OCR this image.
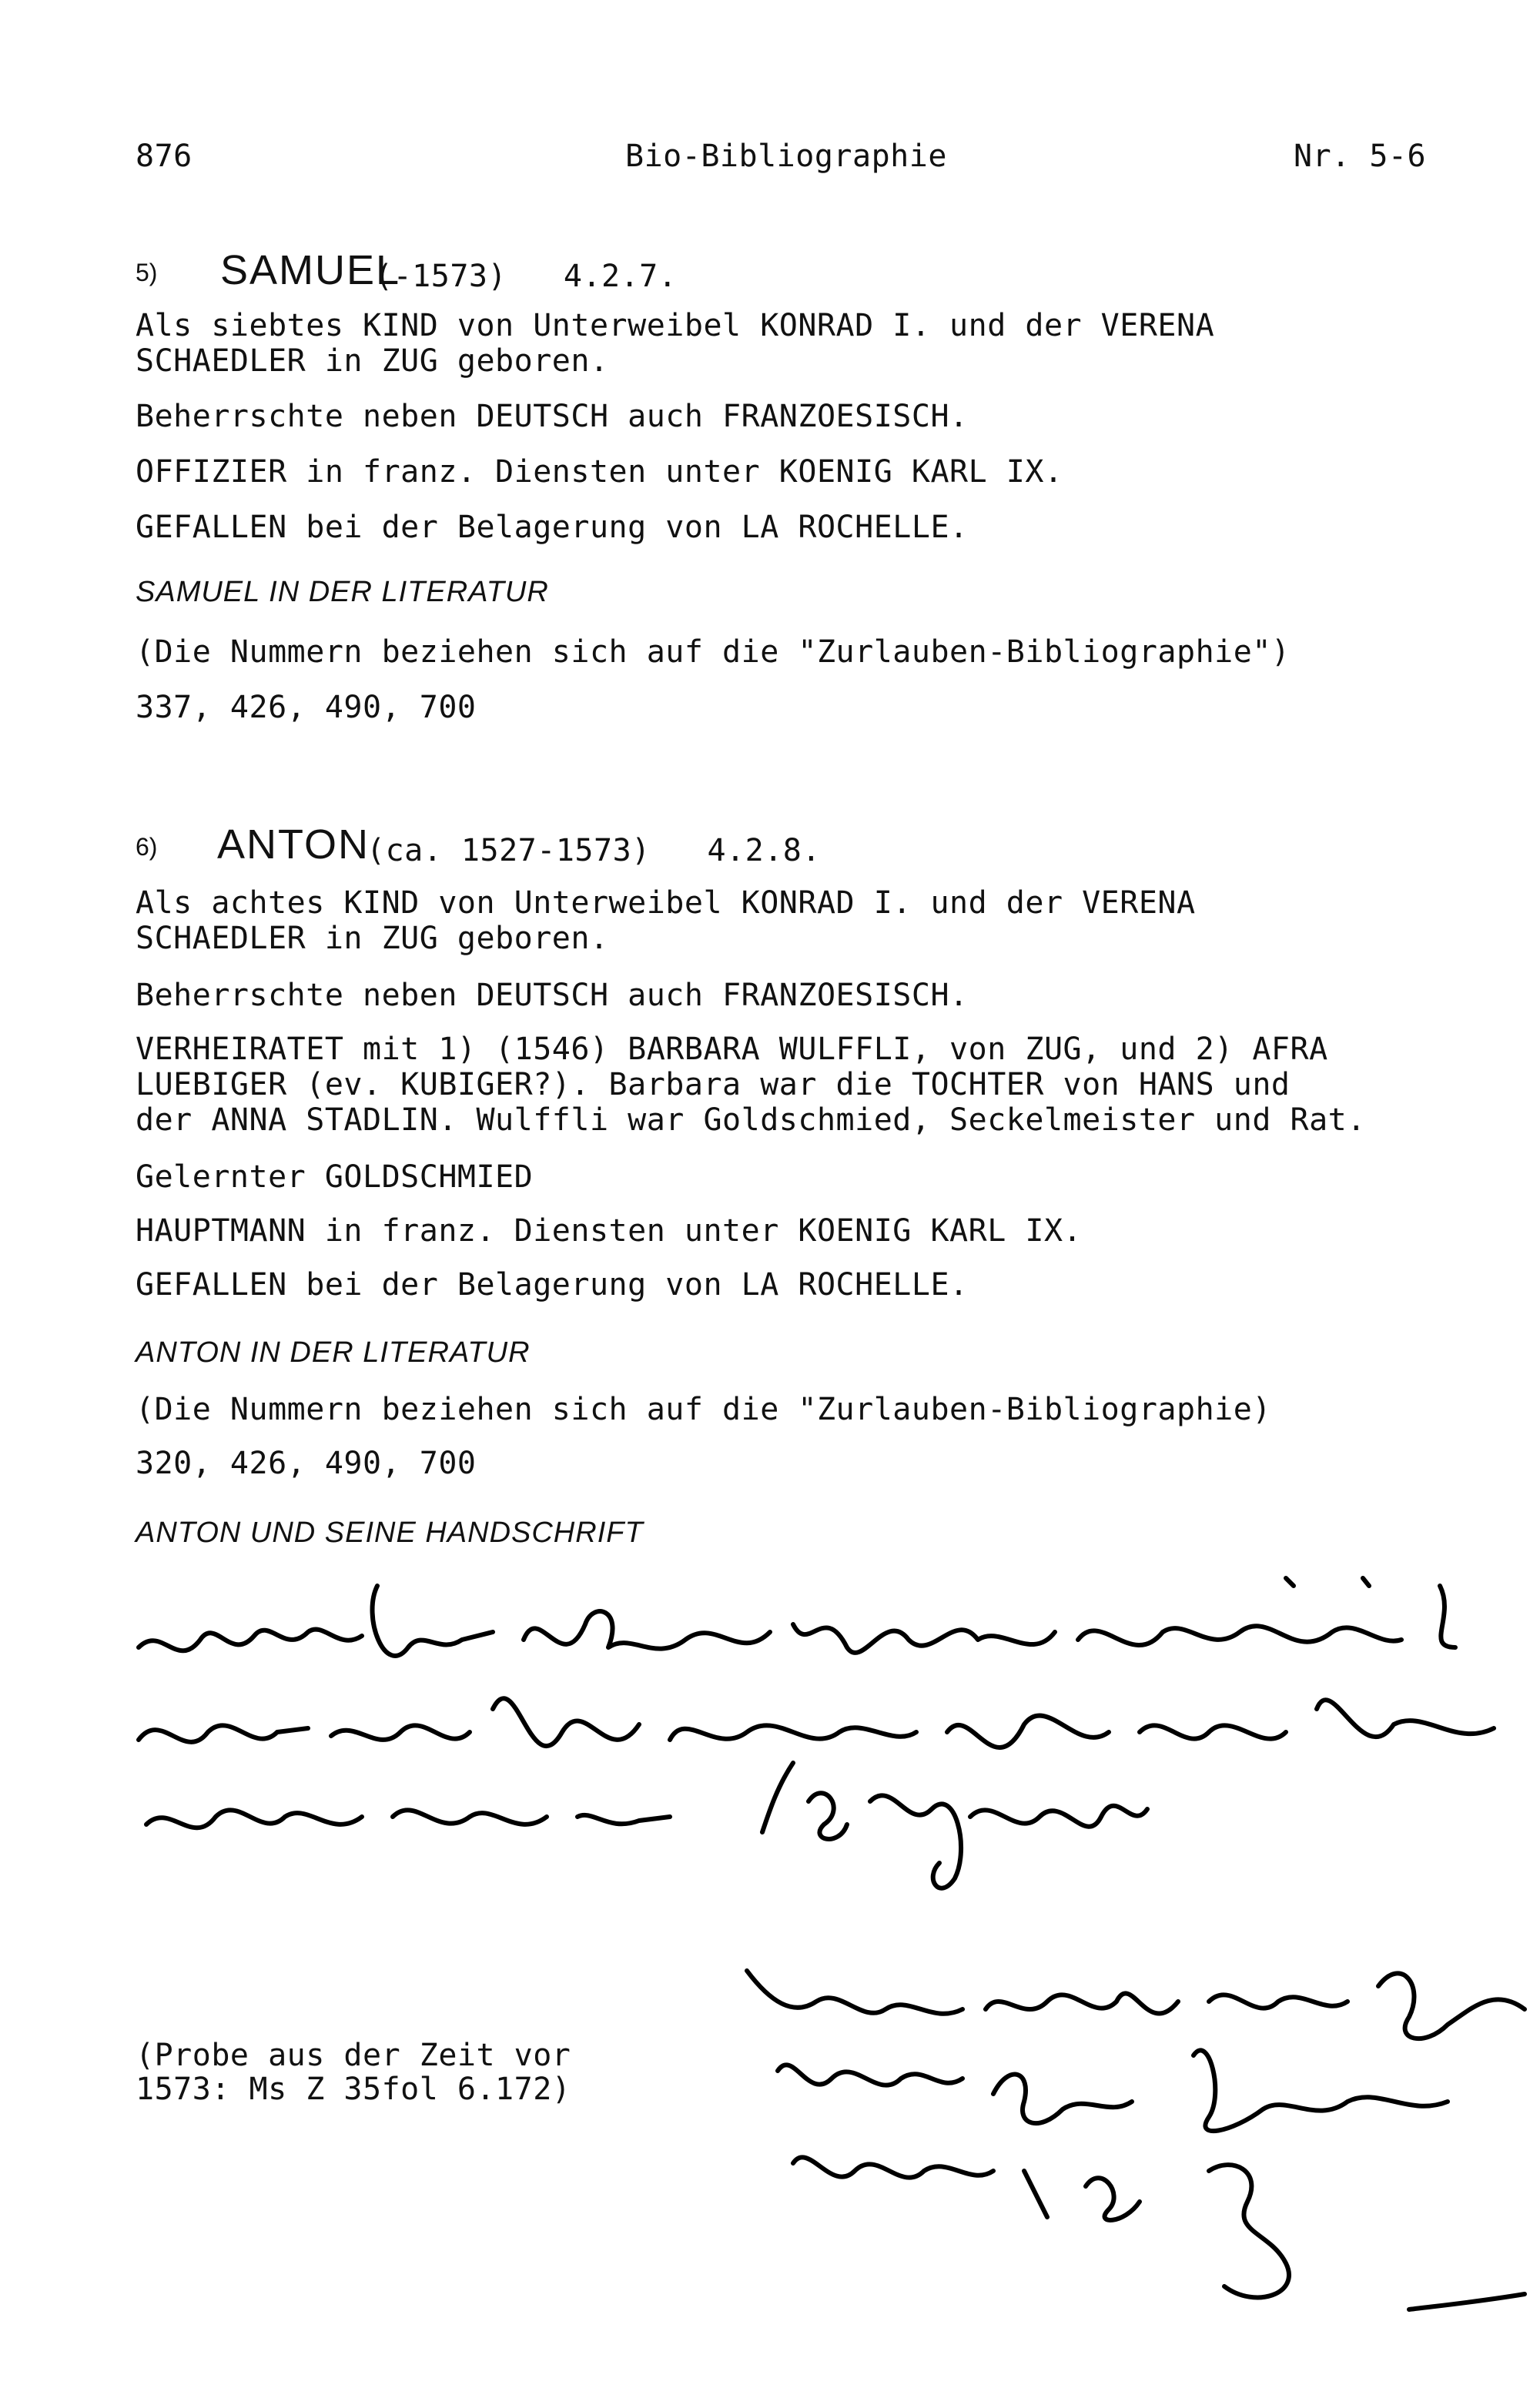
876	Bio-Bibliographie	Nr. 5-6
5) SAMUEL
(-1573)   4.2.7.
Als siebtes KIND von Unterweibel KONRAD I. und der VERENA
SCHAEDLER in ZUG geboren.
Beherrschte neben DEUTSCH auch FRANZOESISCH.
OFFIZIER in franz. Diensten unter KOENIG KARL IX.
GEFALLEN bei der Belagerung von LA ROCHELLE.
SAMUEL IN DER LITERATUR
(Die Nummern beziehen sich auf die "Zurlauben-Bibliographie")
337, 426, 490, 700
6) ANTON
(ca. 1527-1573)   4.2.8.
Als achtes KIND von Unterweibel KONRAD I. und der VERENA
SCHAEDLER in ZUG geboren.
Beherrschte neben DEUTSCH auch FRANZOESISCH.
VERHEIRATET mit 1) (1546) BARBARA WULFFLI, von ZUG, und 2) AFRA
LUEBIGER (ev. KUBIGER?). Barbara war die TOCHTER von HANS und
der ANNA STADLIN. Wulffli war Goldschmied, Seckelmeister und Rat.
Gelernter GOLDSCHMIED
HAUPTMANN in franz. Diensten unter KOENIG KARL IX.
GEFALLEN bei der Belagerung von LA ROCHELLE.
ANTON IN DER LITERATUR
(Die Nummern beziehen sich auf die "Zurlauben-Bibliographie)
320, 426, 490, 700
ANTON UND SEINE HANDSCHRIFT
(Probe aus der Zeit vor
1573: Ms Z 35fol 6.172)
